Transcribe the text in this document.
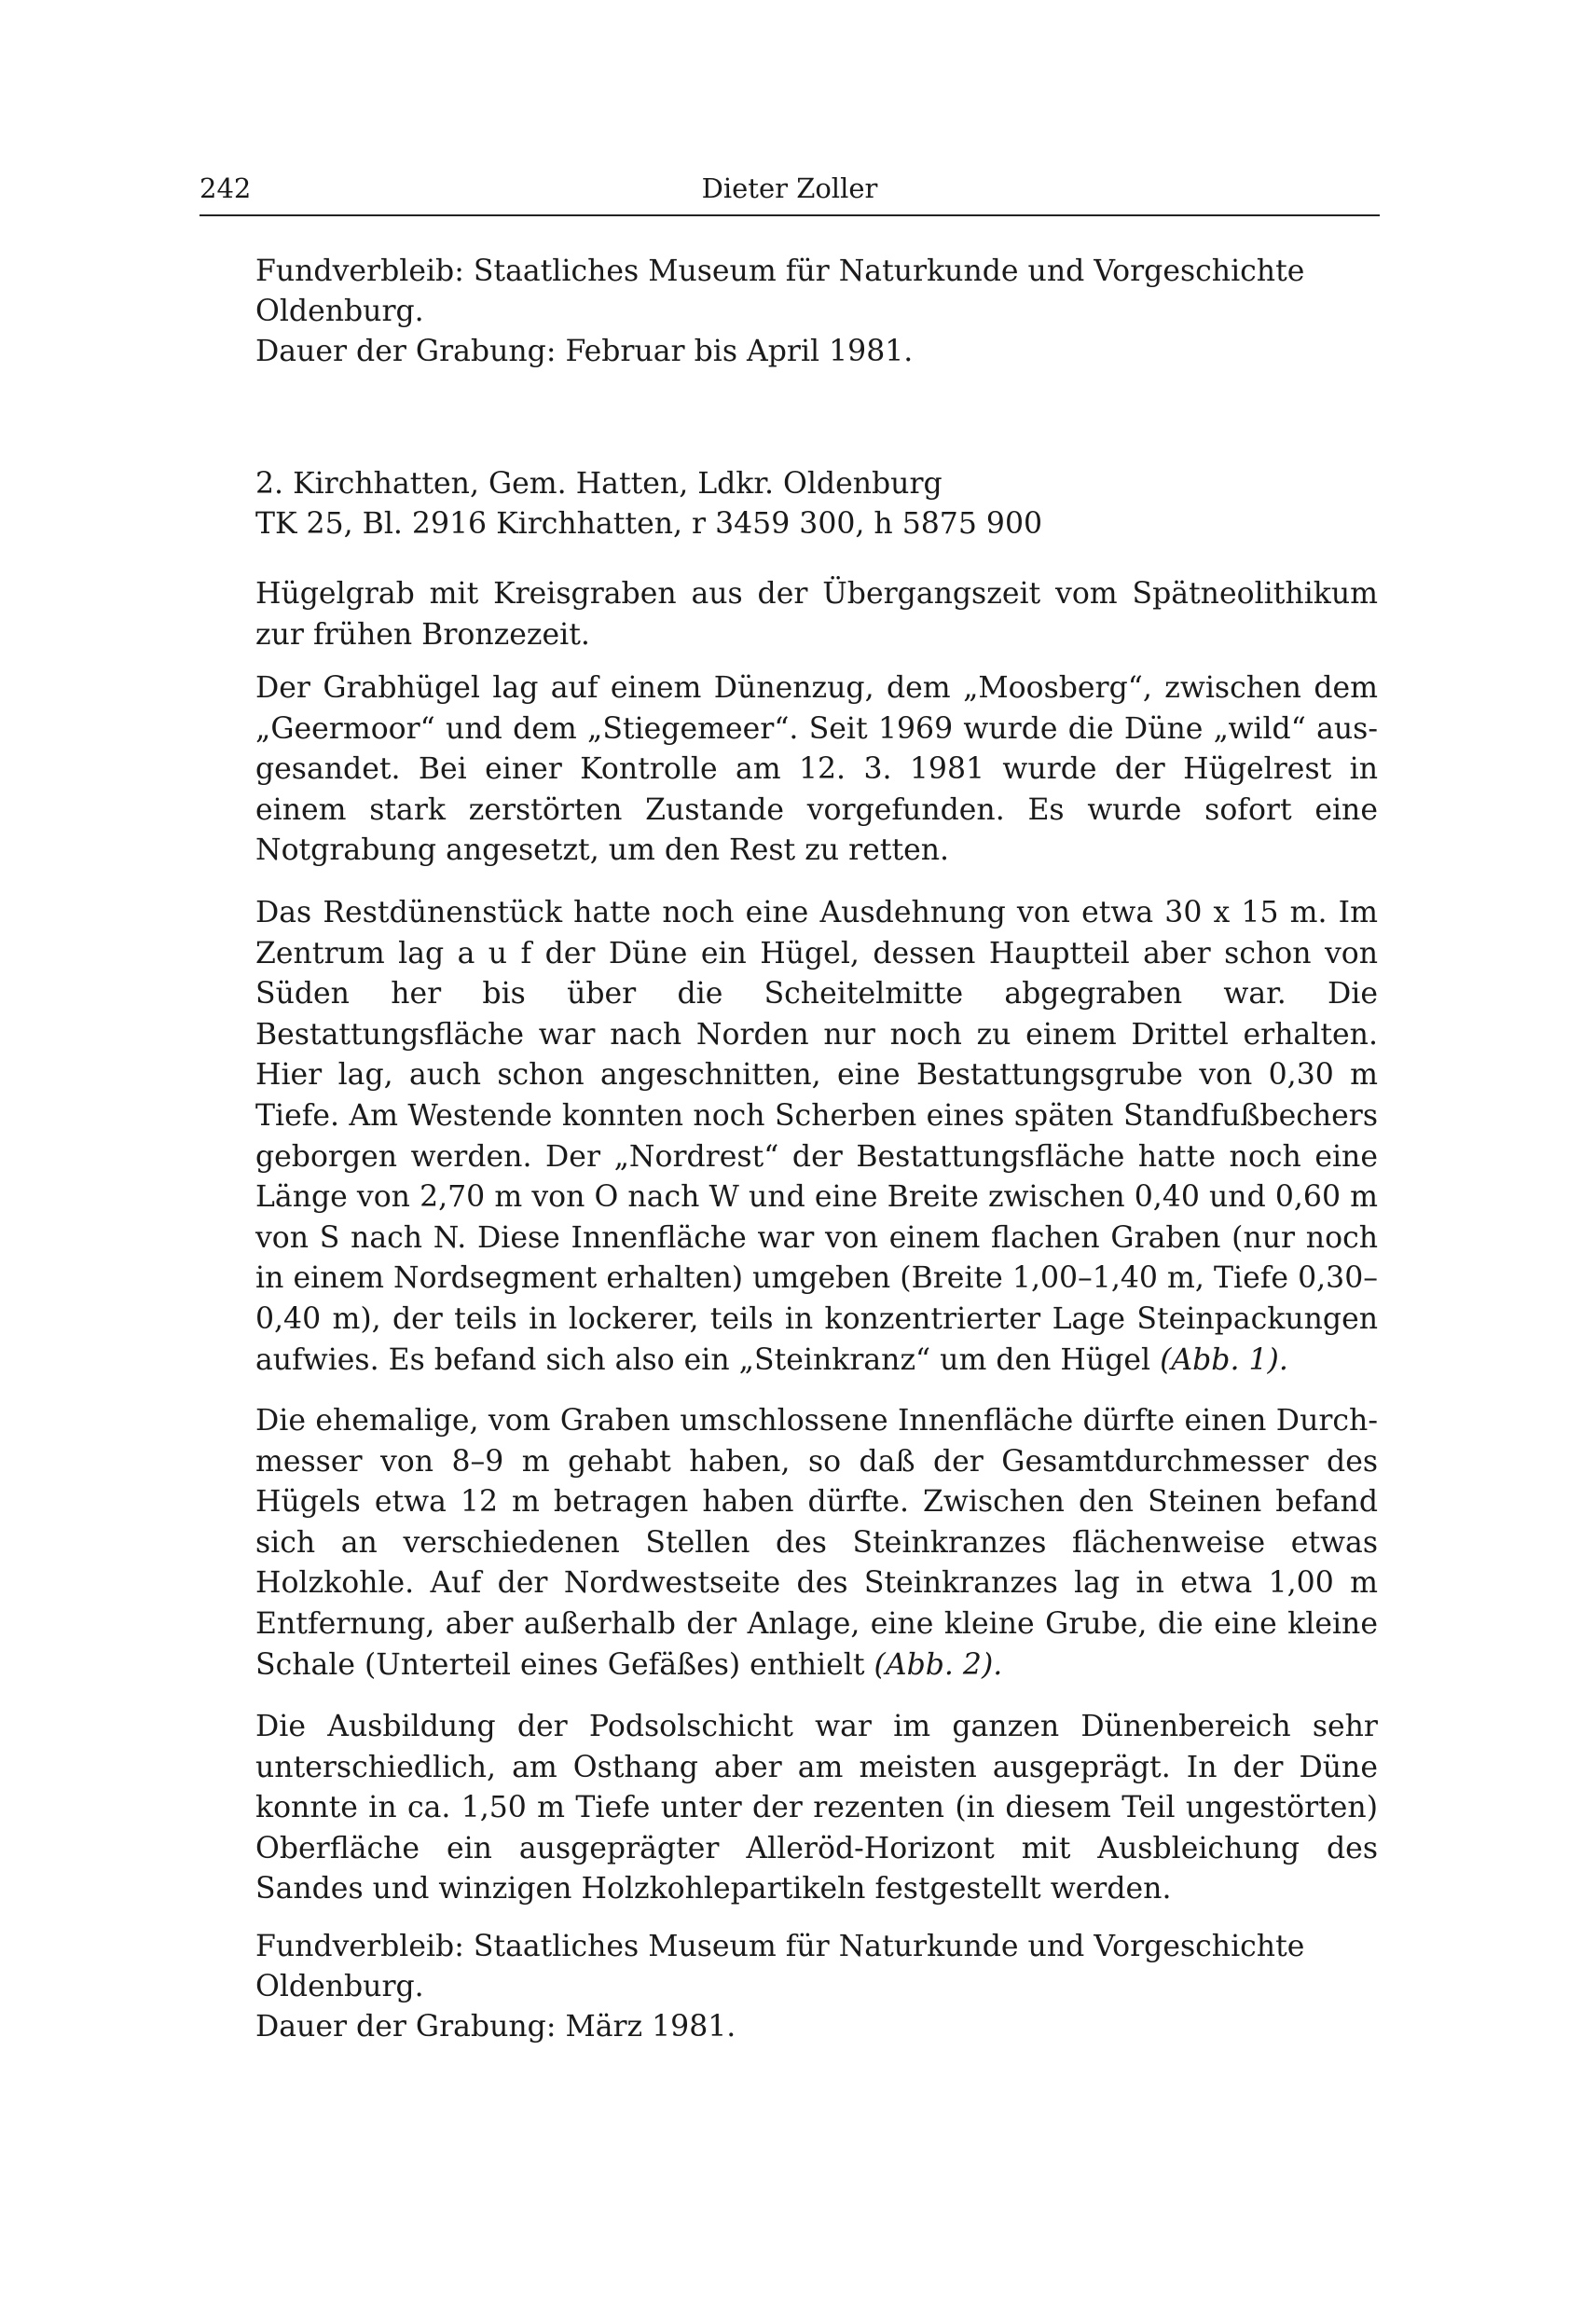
242	Dieter Zoller
Fundverbleib: Staatliches Museum für Naturkunde und Vorgeschichte
Oldenburg.
Dauer der Grabung: Februar bis April 1981.
2. Kirchhatten, Gem. Hatten, Ldkr. Oldenburg
TK 25, Bl. 2916 Kirchhatten, r 3459 300, h 5875 900

Hügelgrab mit Kreisgraben aus der Übergangszeit vom Spätneolithikum zur frühen Bronzezeit.

Der Grabhügel lag auf einem Dünenzug, dem „Moosberg“, zwischen dem „Geermoor“ und dem „Stiegemeer“. Seit 1969 wurde die Düne „wild“ ausgesandet. Bei einer Kontrolle am 12. 3. 1981 wurde der Hügelrest in einem stark zerstörten Zustande vorgefunden. Es wurde sofort eine Notgrabung angesetzt, um den Rest zu retten.

Das Restdünenstück hatte noch eine Ausdehnung von etwa 30 x 15 m. Im Zentrum lag a u f der Düne ein Hügel, dessen Hauptteil aber schon von Süden her bis über die Scheitelmitte abgegraben war. Die Bestattungsfläche war nach Norden nur noch zu einem Drittel erhalten. Hier lag, auch schon angeschnitten, eine Bestattungsgrube von 0,30 m Tiefe. Am Westende konnten noch Scherben eines späten Standfußbechers geborgen werden. Der „Nordrest“ der Bestattungsfläche hatte noch eine Länge von 2,70 m von O nach W und eine Breite zwischen 0,40 und 0,60 m von S nach N. Diese Innenfläche war von einem flachen Graben (nur noch in einem Nordsegment erhalten) umgeben (Breite 1,00–1,40 m, Tiefe 0,30–0,40 m), der teils in lockerer, teils in konzentrierter Lage Steinpackungen aufwies. Es befand sich also ein „Steinkranz“ um den Hügel (Abb. 1).

Die ehemalige, vom Graben umschlossene Innenfläche dürfte einen Durchmesser von 8–9 m gehabt haben, so daß der Gesamtdurchmesser des Hügels etwa 12 m betragen haben dürfte. Zwischen den Steinen befand sich an verschiedenen Stellen des Steinkranzes flächenweise etwas Holzkohle. Auf der Nordwestseite des Steinkranzes lag in etwa 1,00 m Entfernung, aber außerhalb der Anlage, eine kleine Grube, die eine kleine Schale (Unterteil eines Gefäßes) enthielt (Abb. 2).

Die Ausbildung der Podsolschicht war im ganzen Dünenbereich sehr unterschiedlich, am Osthang aber am meisten ausgeprägt. In der Düne konnte in ca. 1,50 m Tiefe unter der rezenten (in diesem Teil ungestörten) Oberfläche ein ausgeprägter Alleröd-Horizont mit Ausbleichung des Sandes und winzigen Holzkohlepartikeln festgestellt werden.

Fundverbleib: Staatliches Museum für Naturkunde und Vorgeschichte
Oldenburg.
Dauer der Grabung: März 1981.
